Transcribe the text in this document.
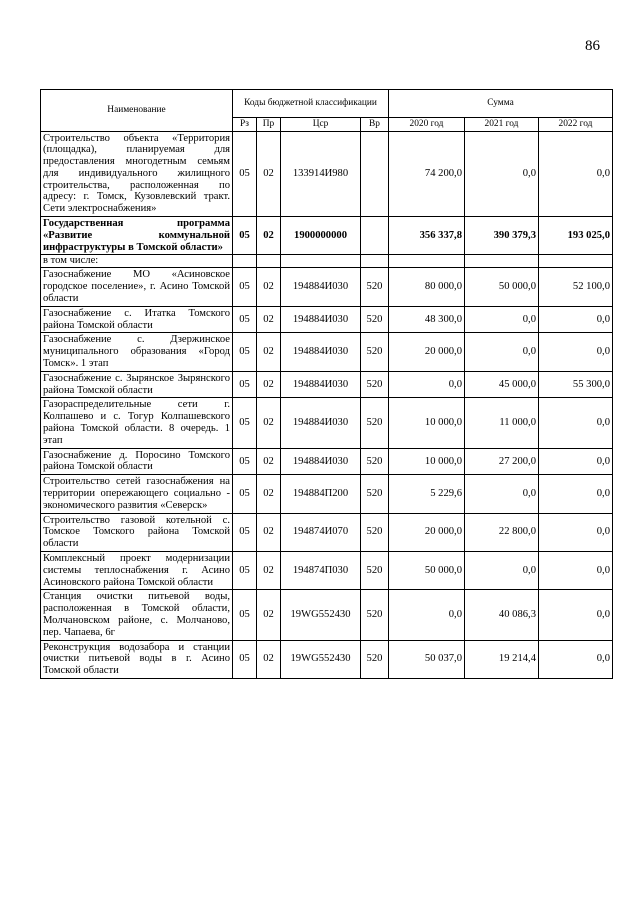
86
Наименование	Коды бюджетной классификации				Сумма		
	Рз	Пр	Цср	Вр	2020 год	2021 год	2022 год
Строительство объекта «Территория (площадка), планируемая для предоставления многодетным семьям для индивидуального жилищного строительства, расположенная по адресу: г. Томск, Кузовлевский тракт. Сети электроснабжения»	05	02	133914И980		74 200,0	0,0	0,0
Государственная программа «Развитие коммунальной инфраструктуры в Томской области»	05	02	1900000000		356 337,8	390 379,3	193 025,0
в том числе:							
Газоснабжение МО «Асиновское городское поселение», г. Асино Томской области	05	02	194884И030	520	80 000,0	50 000,0	52 100,0
Газоснабжение с. Итатка Томского района Томской области	05	02	194884И030	520	48 300,0	0,0	0,0
Газоснабжение с. Дзержинское муниципального образования «Город Томск». 1 этап	05	02	194884И030	520	20 000,0	0,0	0,0
Газоснабжение с. Зырянское Зырянского района Томской области	05	02	194884И030	520	0,0	45 000,0	55 300,0
Газораспределительные сети г. Колпашево и с. Тогур Колпашевского района Томской области. 8 очередь. 1 этап	05	02	194884И030	520	10 000,0	11 000,0	0,0
Газоснабжение д. Поросино Томского района Томской области	05	02	194884И030	520	10 000,0	27 200,0	0,0
Строительство сетей газоснабжения на территории опережающего социально - экономического развития «Северск»	05	02	194884П200	520	5 229,6	0,0	0,0
Строительство газовой котельной с. Томское Томского района Томской области	05	02	194874И070	520	20 000,0	22 800,0	0,0
Комплексный проект модернизации системы теплоснабжения г. Асино Асиновского района Томской области	05	02	194874П030	520	50 000,0	0,0	0,0
Станция очистки питьевой воды, расположенная в Томской области, Молчановском районе, с. Молчаново, пер. Чапаева, 6г	05	02	19WG552430	520	0,0	40 086,3	0,0
Реконструкция водозабора и станции очистки питьевой воды в г. Асино Томской области	05	02	19WG552430	520	50 037,0	19 214,4	0,0
